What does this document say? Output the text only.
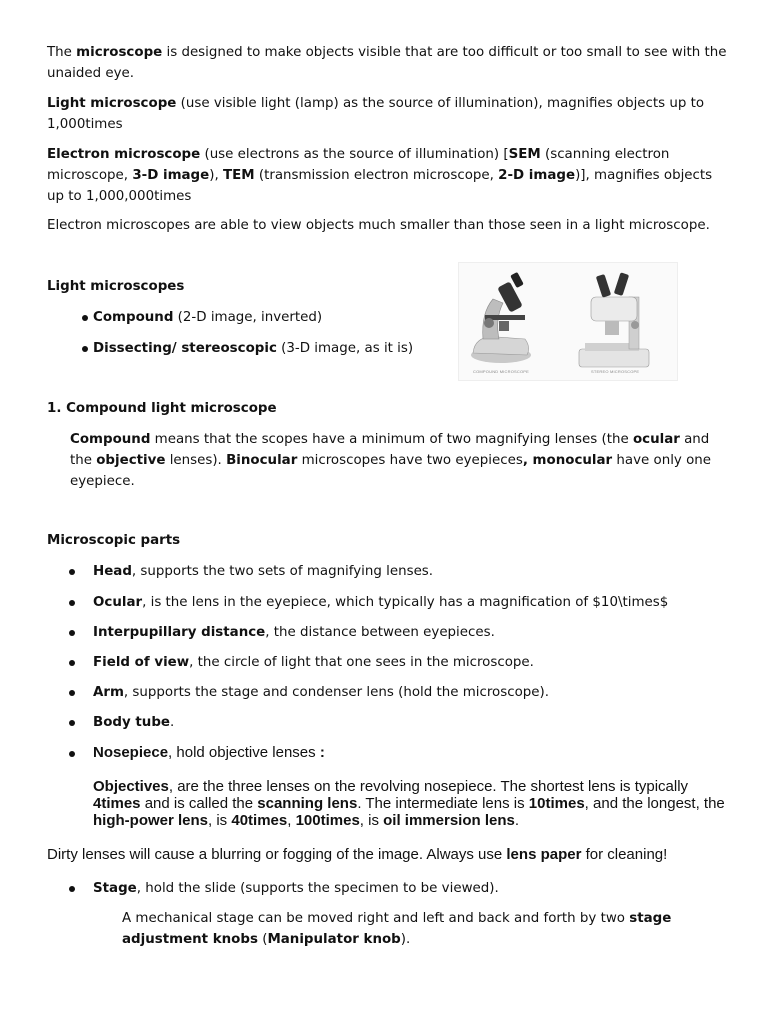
The microscope is designed to make objects visible that are too difficult or too small to see with the unaided eye.

Light microscope (use visible light (lamp) as the source of illumination), magnifies objects up to 1,000times

Electron microscope (use electrons as the source of illumination) [SEM (scanning electron microscope, 3-D image), TEM (transmission electron microscope, 2-D image)], magnifies objects up to 1,000,000times

Electron microscopes are able to view objects much smaller than those seen in a light microscope.

Light microscopes

Compound (2-D image, inverted)

Dissecting/ stereoscopic (3-D image, as it is)

COMPOUND MICROSCOPE	STEREO MICROSCOPE

1. Compound light microscope

Compound means that the scopes have a minimum of two magnifying lenses (the ocular and the objective lenses). Binocular microscopes have two eyepieces, monocular have only one eyepiece.

Microscopic parts

Head, supports the two sets of magnifying lenses.

Ocular, is the lens in the eyepiece, which typically has a magnification of $10\times$

Interpupillary distance, the distance between eyepieces.

Field of view, the circle of light that one sees in the microscope.

Arm, supports the stage and condenser lens (hold the microscope).

Body tube.

Nosepiece, hold objective lenses :

Objectives, are the three lenses on the revolving nosepiece. The shortest lens is typically 4times and is called the scanning lens. The intermediate lens is 10times, and the longest, the high-power lens, is 40times, 100times, is oil immersion lens.

Dirty lenses will cause a blurring or fogging of the image. Always use lens paper for cleaning!

Stage, hold the slide (supports the specimen to be viewed).

A mechanical stage can be moved right and left and back and forth by two stage adjustment knobs (Manipulator knob).
